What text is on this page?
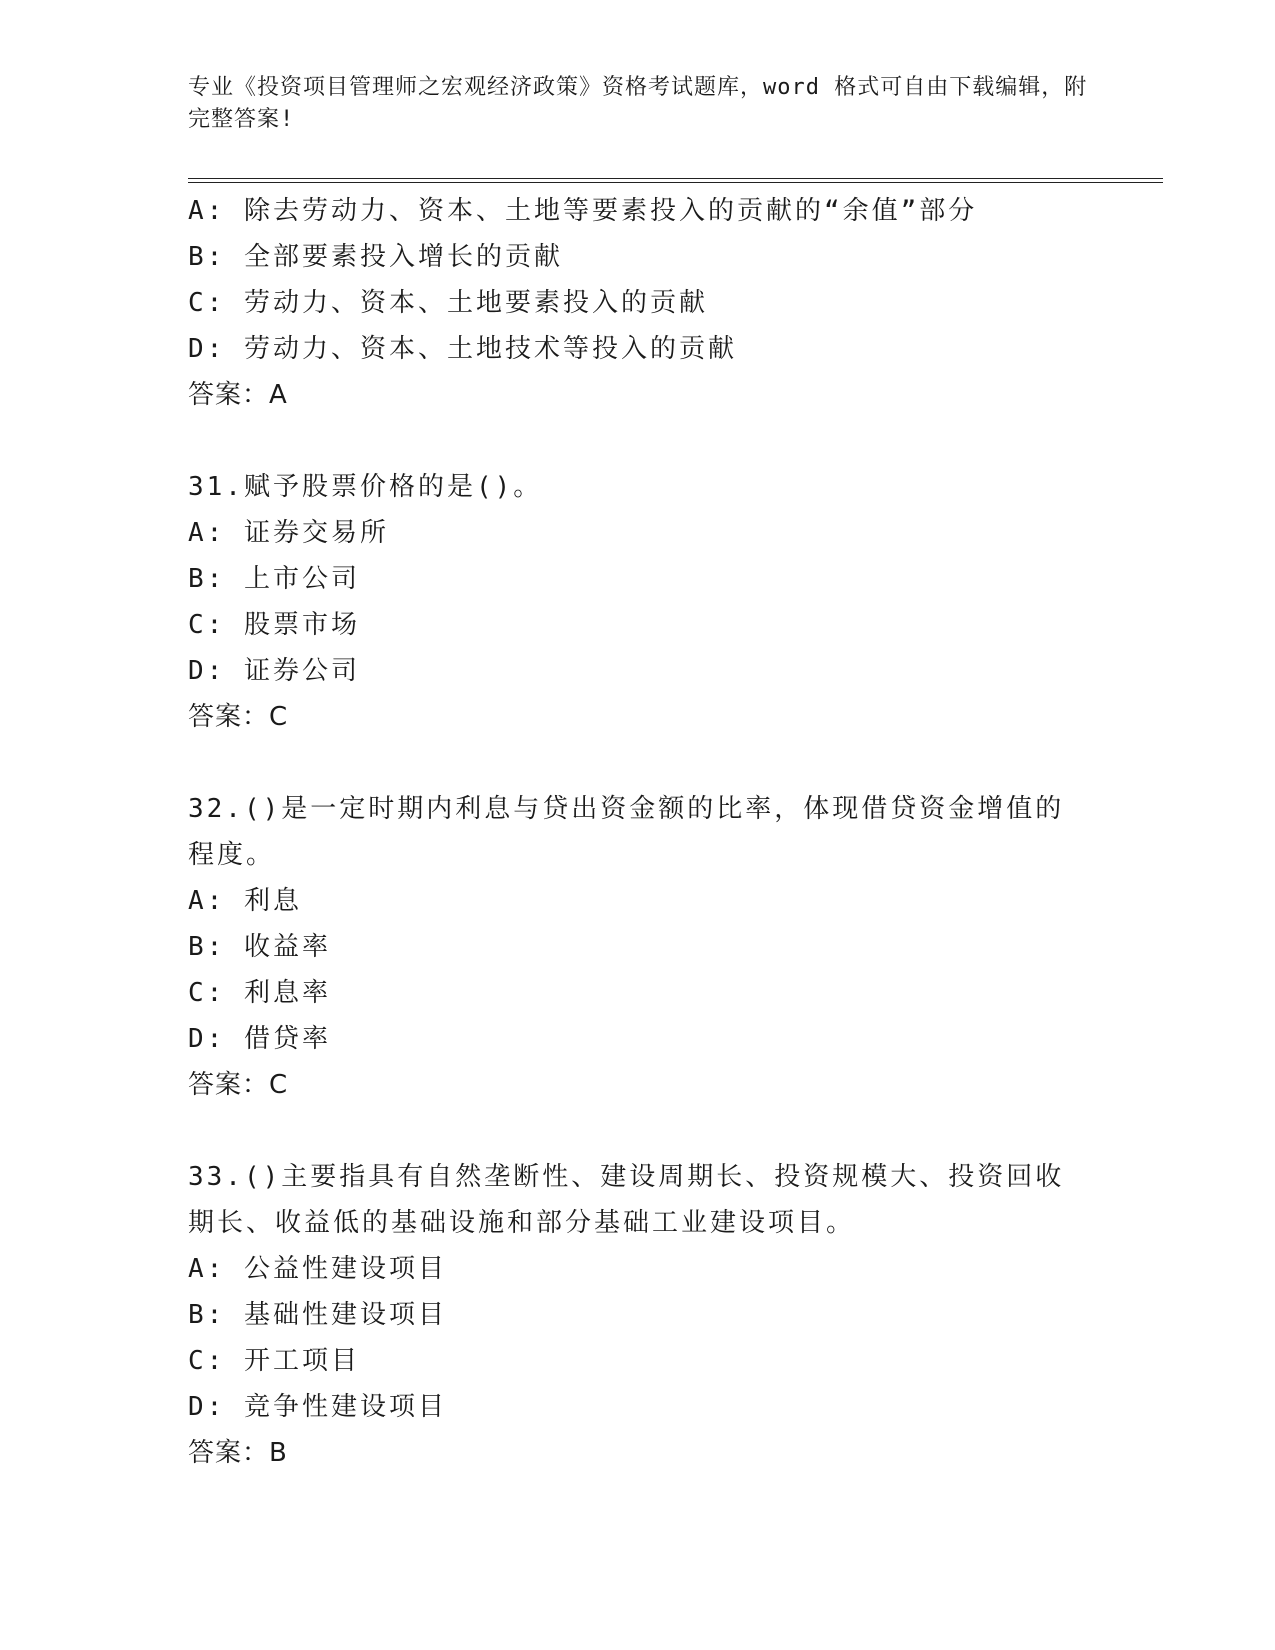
专业《投资项目管理师之宏观经济政策》资格考试题库，word 格式可自由下载编辑，附完整答案!
A: 除去劳动力、资本、土地等要素投入的贡献的“余值”部分
B: 全部要素投入增长的贡献
C: 劳动力、资本、土地要素投入的贡献
D: 劳动力、资本、土地技术等投入的贡献
答案：A
31.赋予股票价格的是()。
A: 证券交易所
B: 上市公司
C: 股票市场
D: 证券公司
答案：C
32.()是一定时期内利息与贷出资金额的比率，体现借贷资金增值的程度。
A: 利息
B: 收益率
C: 利息率
D: 借贷率
答案：C
33.()主要指具有自然垄断性、建设周期长、投资规模大、投资回收期长、收益低的基础设施和部分基础工业建设项目。
A: 公益性建设项目
B: 基础性建设项目
C: 开工项目
D: 竞争性建设项目
答案：B
